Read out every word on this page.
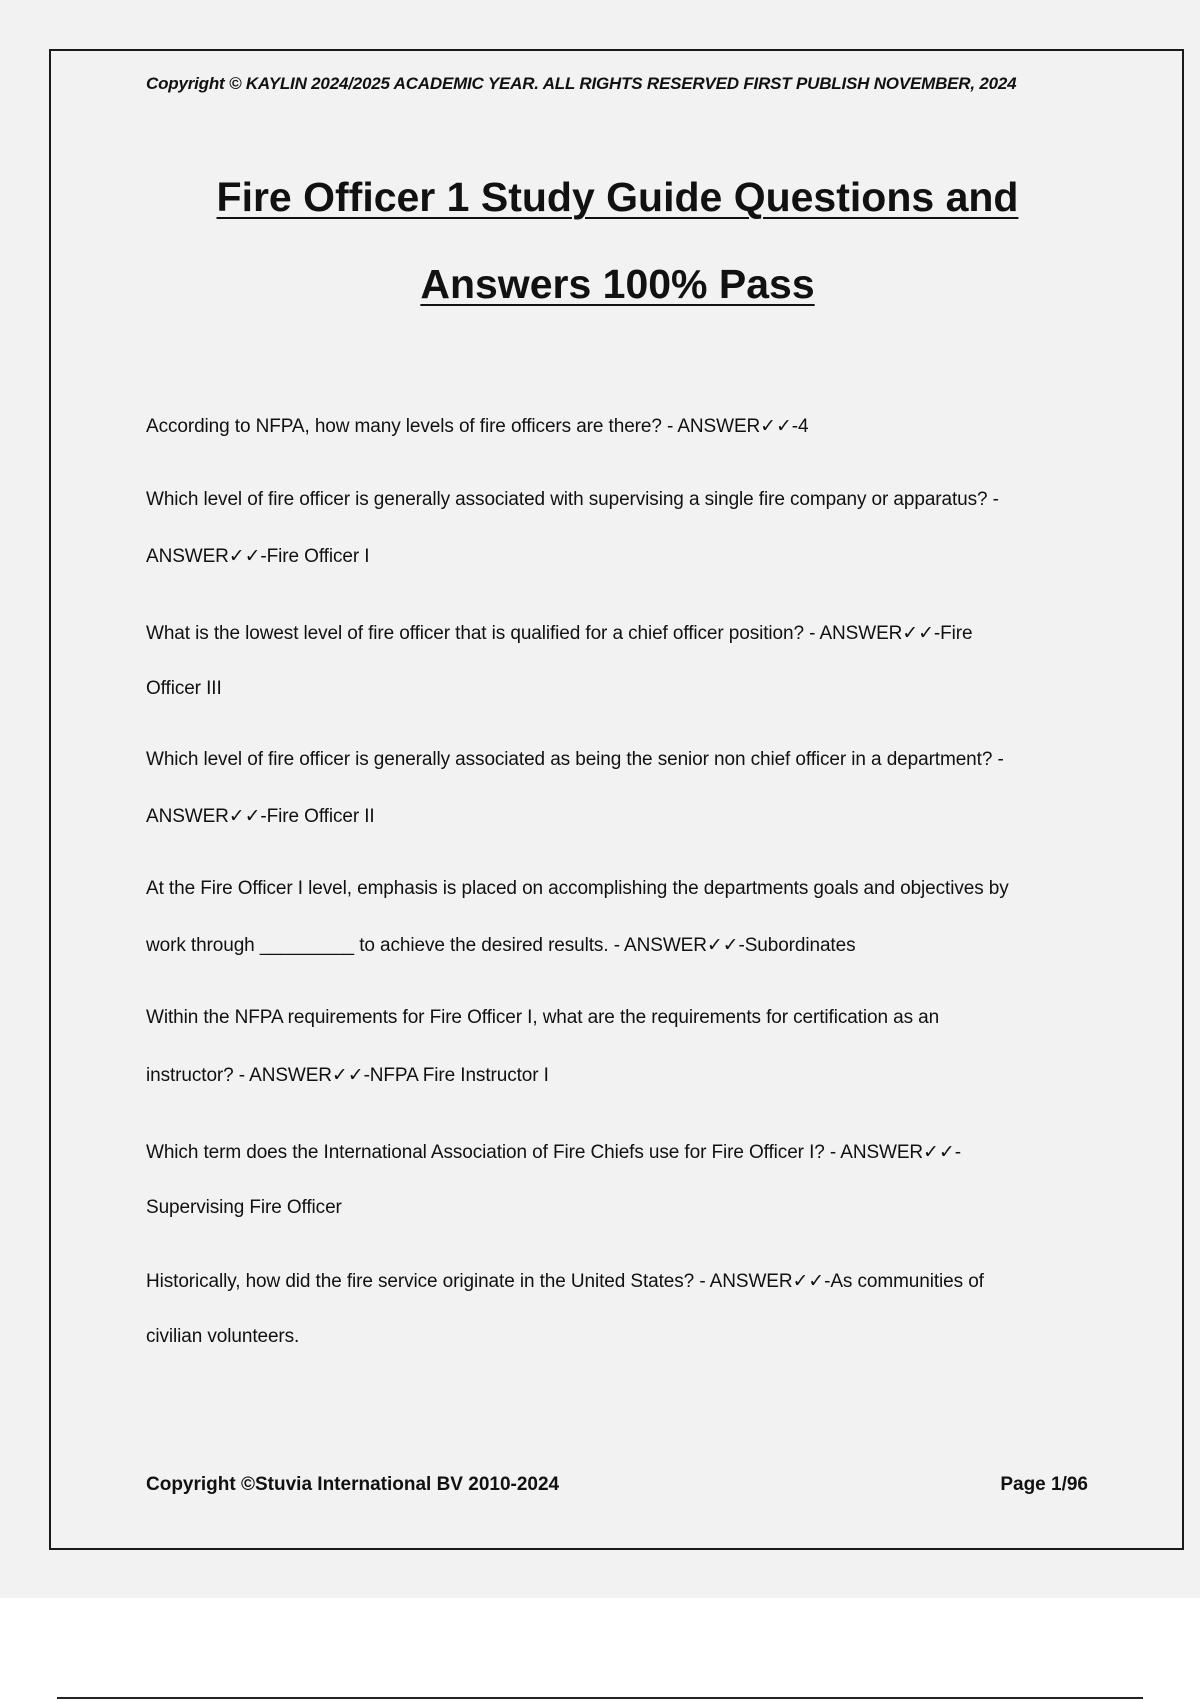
Copyright © KAYLIN 2024/2025 ACADEMIC YEAR. ALL RIGHTS RESERVED FIRST PUBLISH NOVEMBER, 2024
Fire Officer 1 Study Guide Questions and
Answers 100% Pass
According to NFPA, how many levels of fire officers are there? - ANSWER✓✓-4
Which level of fire officer is generally associated with supervising a single fire company or apparatus? -
ANSWER✓✓-Fire Officer I
What is the lowest level of fire officer that is qualified for a chief officer position? - ANSWER✓✓-Fire
Officer III
Which level of fire officer is generally associated as being the senior non chief officer in a department? -
ANSWER✓✓-Fire Officer II
At the Fire Officer I level, emphasis is placed on accomplishing the departments goals and objectives by
work through _________ to achieve the desired results. - ANSWER✓✓-Subordinates
Within the NFPA requirements for Fire Officer I, what are the requirements for certification as an
instructor? - ANSWER✓✓-NFPA Fire Instructor I
Which term does the International Association of Fire Chiefs use for Fire Officer I? - ANSWER✓✓-
Supervising Fire Officer
Historically, how did the fire service originate in the United States? - ANSWER✓✓-As communities of
civilian volunteers.
Copyright ©Stuvia International BV 2010-2024	Page 1/96
